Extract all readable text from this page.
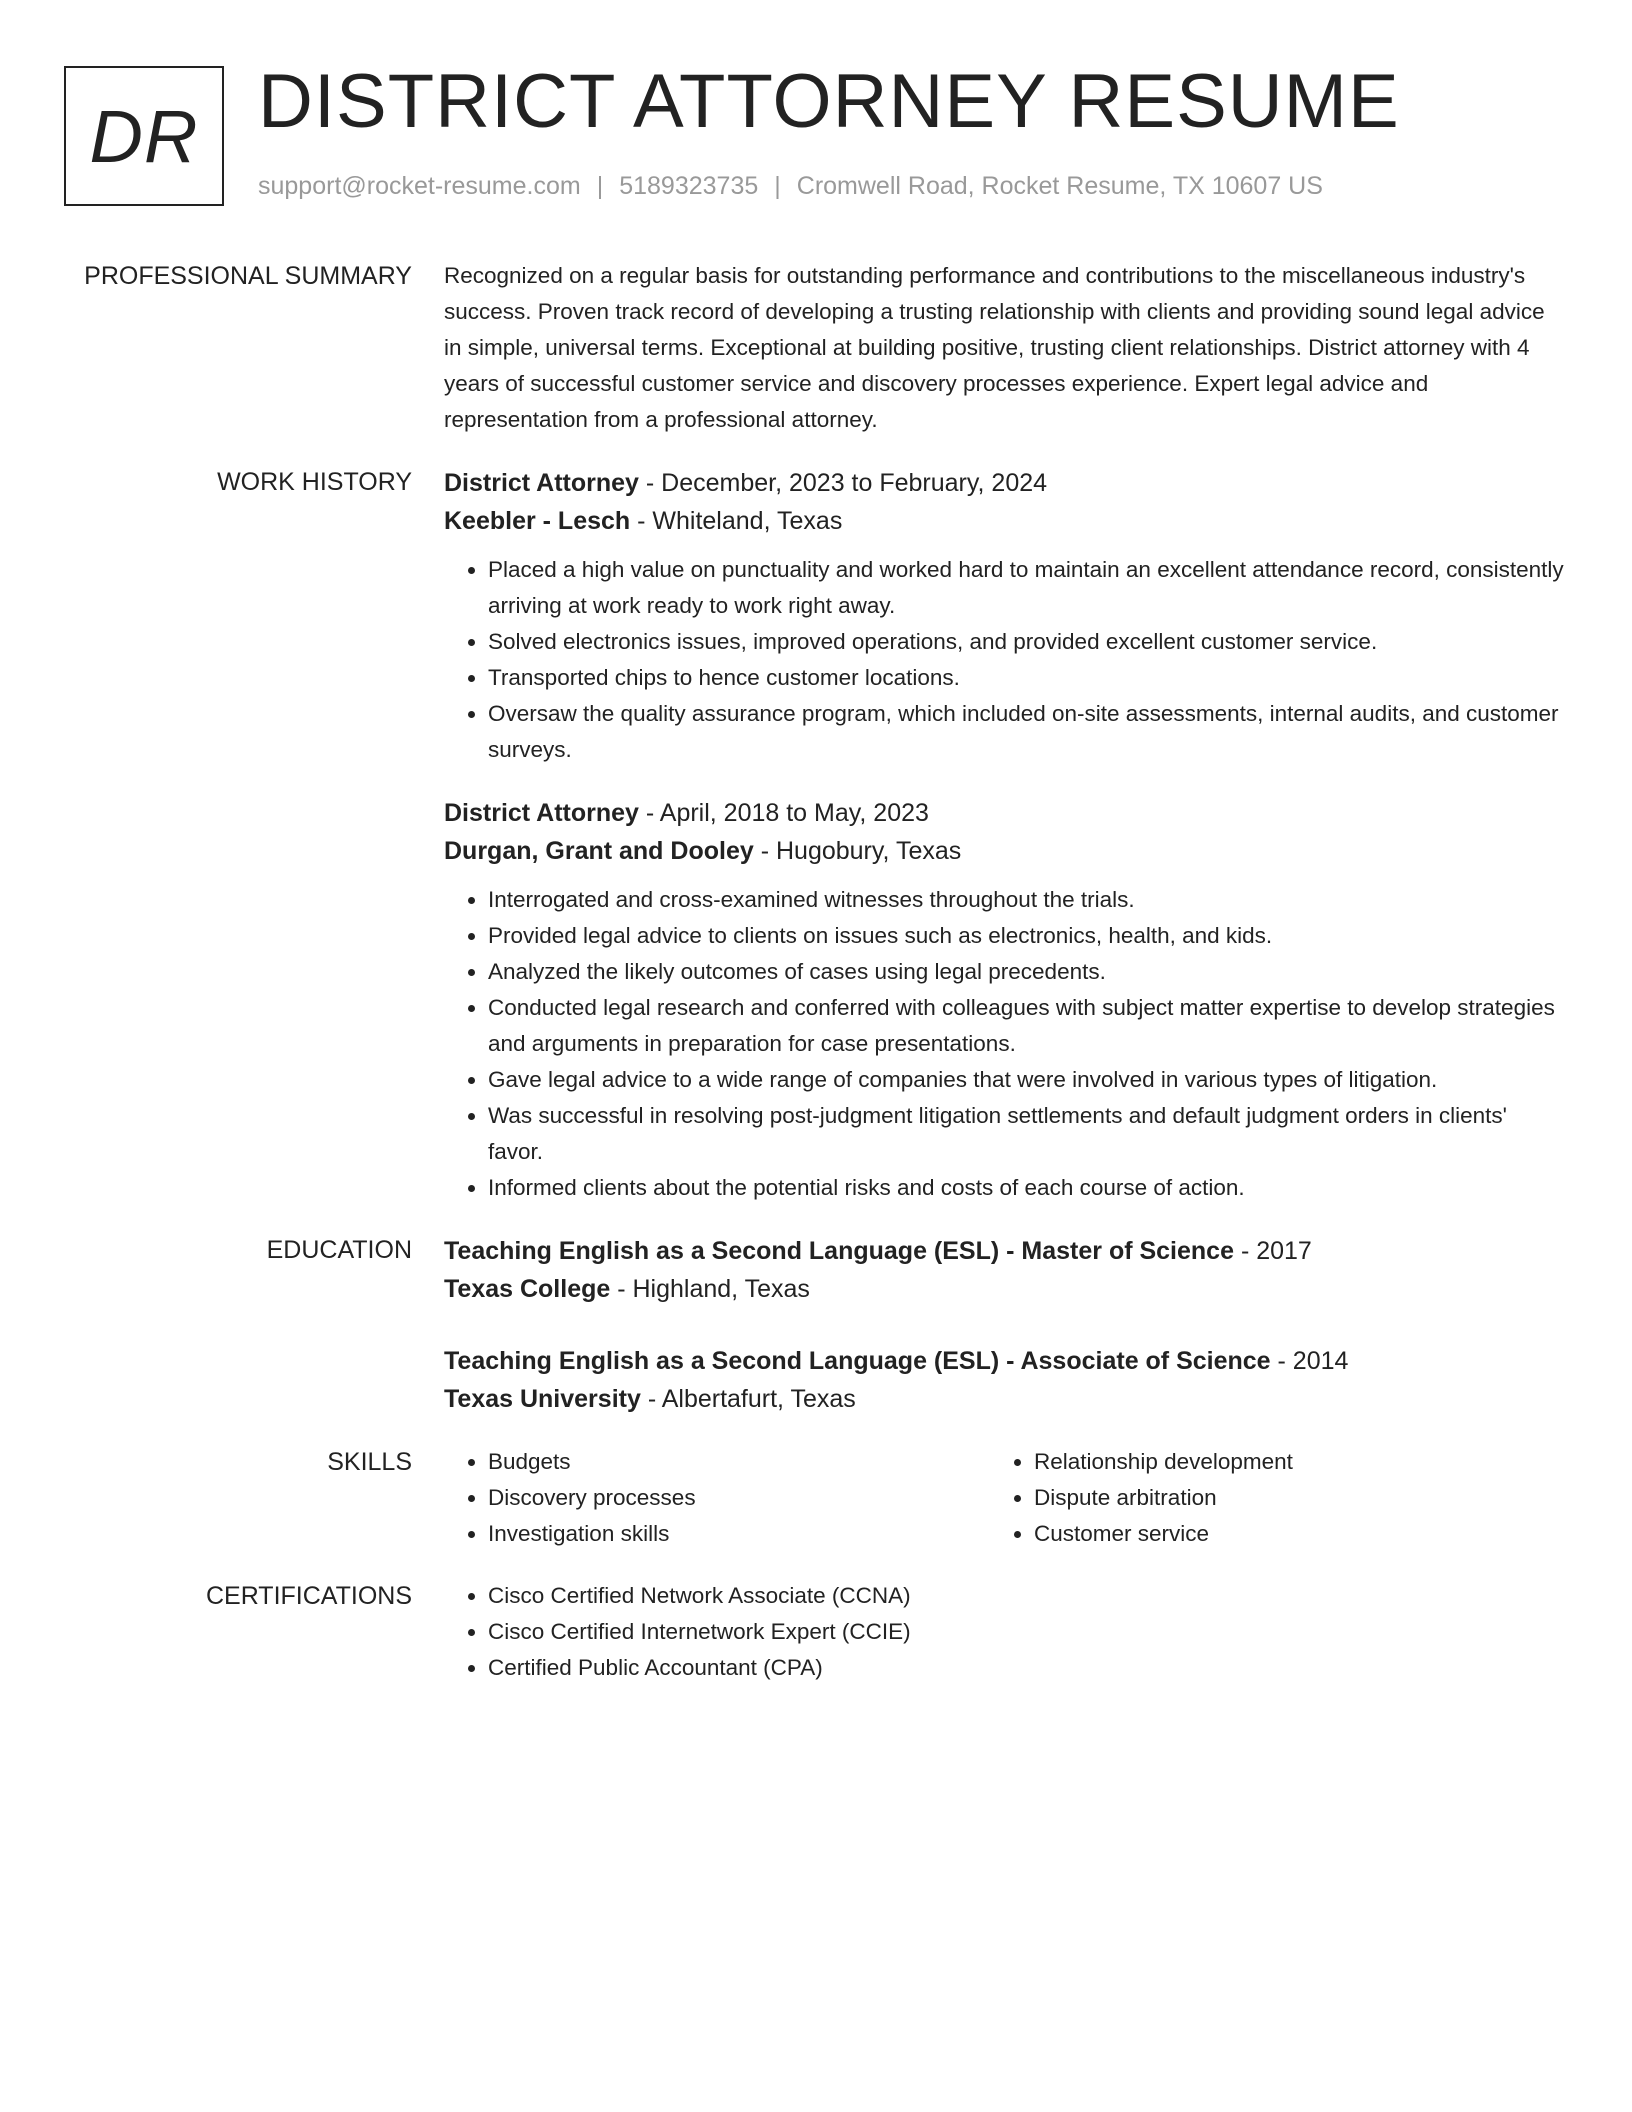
DR DISTRICT ATTORNEY RESUME
support@rocket-resume.com | 5189323735 | Cromwell Road, Rocket Resume, TX 10607 US
PROFESSIONAL SUMMARY Recognized on a regular basis for outstanding performance and contributions to the miscellaneous industry's success. Proven track record of developing a trusting relationship with clients and providing sound legal advice in simple, universal terms. Exceptional at building positive, trusting client relationships. District attorney with 4 years of successful customer service and discovery processes experience. Expert legal advice and representation from a professional attorney.

WORK HISTORY District Attorney - December, 2023 to February, 2024
Keebler - Lesch - Whiteland, Texas
• Placed a high value on punctuality and worked hard to maintain an excellent attendance record, consistently arriving at work ready to work right away.
• Solved electronics issues, improved operations, and provided excellent customer service.
• Transported chips to hence customer locations.
• Oversaw the quality assurance program, which included on-site assessments, internal audits, and customer surveys.
District Attorney - April, 2018 to May, 2023
Durgan, Grant and Dooley - Hugobury, Texas
• Interrogated and cross-examined witnesses throughout the trials.
• Provided legal advice to clients on issues such as electronics, health, and kids.
• Analyzed the likely outcomes of cases using legal precedents.
• Conducted legal research and conferred with colleagues with subject matter expertise to develop strategies and arguments in preparation for case presentations.
• Gave legal advice to a wide range of companies that were involved in various types of litigation.
• Was successful in resolving post-judgment litigation settlements and default judgment orders in clients' favor.
• Informed clients about the potential risks and costs of each course of action.
EDUCATION Teaching English as a Second Language (ESL) - Master of Science - 2017
Texas College - Highland, Texas
Teaching English as a Second Language (ESL) - Associate of Science - 2014
Texas University - Albertafurt, Texas
SKILLS	• Budgets
• Discovery processes
• Investigation skills
• Relationship development
• Dispute arbitration
• Customer service
CERTIFICATIONS	• Cisco Certified Network Associate (CCNA)
• Cisco Certified Internetwork Expert (CCIE)
• Certified Public Accountant (CPA)
